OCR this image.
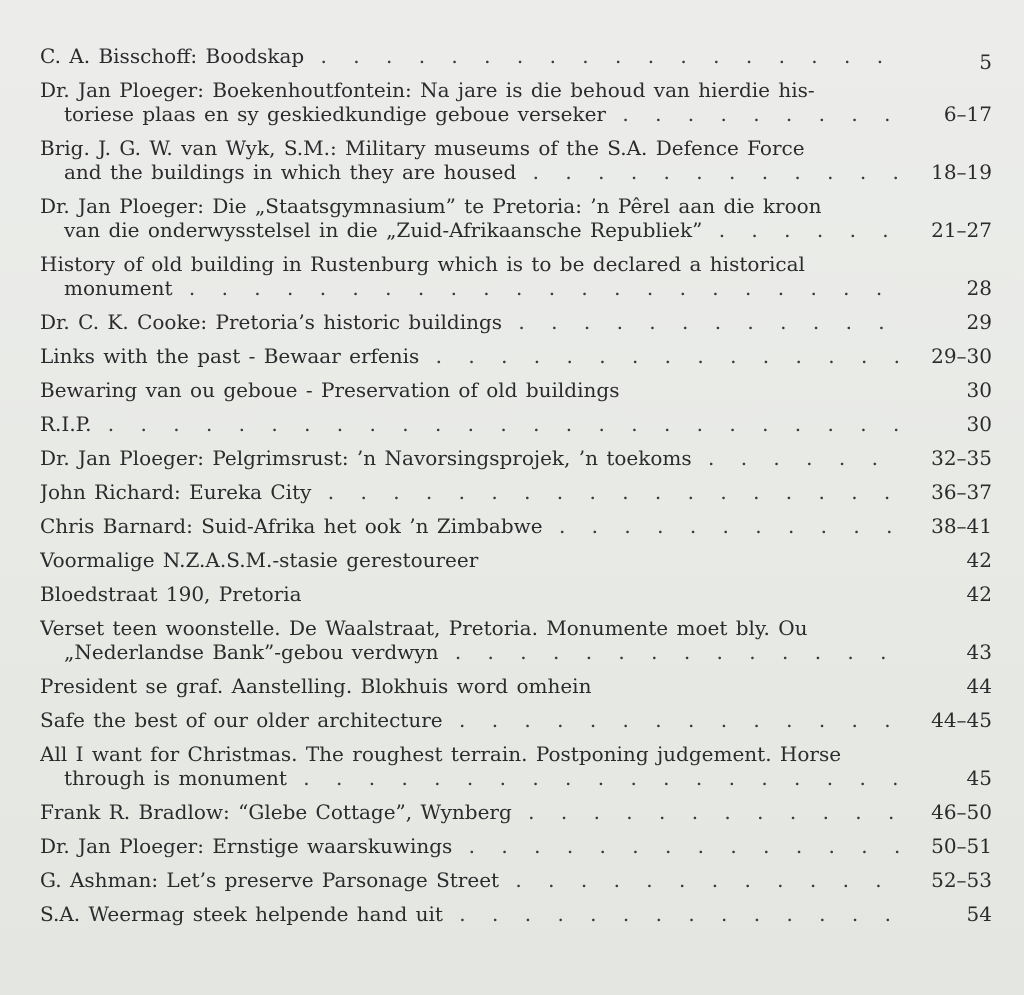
C. A. Bisschoff: Boodskap . . .	5
Dr. Jan Ploeger: Boekenhoutfontein: Na jare is die behoud van hierdie his-
toriese plaas en sy geskiedkundige geboue verseker . . .	6–17
Brig. J. G. W. van Wyk, S.M.: Military museums of the S.A. Defence Force
and the buildings in which they are housed . . .	18–19
Dr. Jan Ploeger: Die „Staatsgymnasium” te Pretoria: ’n Pêrel aan die kroon
van die onderwysstelsel in die „Zuid-Afrikaansche Republiek” . . .	21–27
History of old building in Rustenburg which is to be declared a historical
monument . . .	28
Dr. C. K. Cooke: Pretoria’s historic buildings . . .	29
Links with the past - Bewaar erfenis . . .	29–30
Bewaring van ou geboue - Preservation of old buildings	30
R.I.P. . . .	30
Dr. Jan Ploeger: Pelgrimsrust: ’n Navorsingsprojek, ’n toekoms . . .	32–35
John Richard: Eureka City . . .	36–37
Chris Barnard: Suid-Afrika het ook ’n Zimbabwe . . .	38–41
Voormalige N.Z.A.S.M.-stasie gerestoureer	42
Bloedstraat 190, Pretoria	42
Verset teen woonstelle. De Waalstraat, Pretoria. Monumente moet bly. Ou
„Nederlandse Bank”-gebou verdwyn . . .	43
President se graf. Aanstelling. Blokhuis word omhein	44
Safe the best of our older architecture . . .	44–45
All I want for Christmas. The roughest terrain. Postponing judgement. Horse
through is monument . . .	45
Frank R. Bradlow: “Glebe Cottage”, Wynberg . . .	46–50
Dr. Jan Ploeger: Ernstige waarskuwings . . .	50–51
G. Ashman: Let’s preserve Parsonage Street . . .	52–53
S.A. Weermag steek helpende hand uit . . .	54
